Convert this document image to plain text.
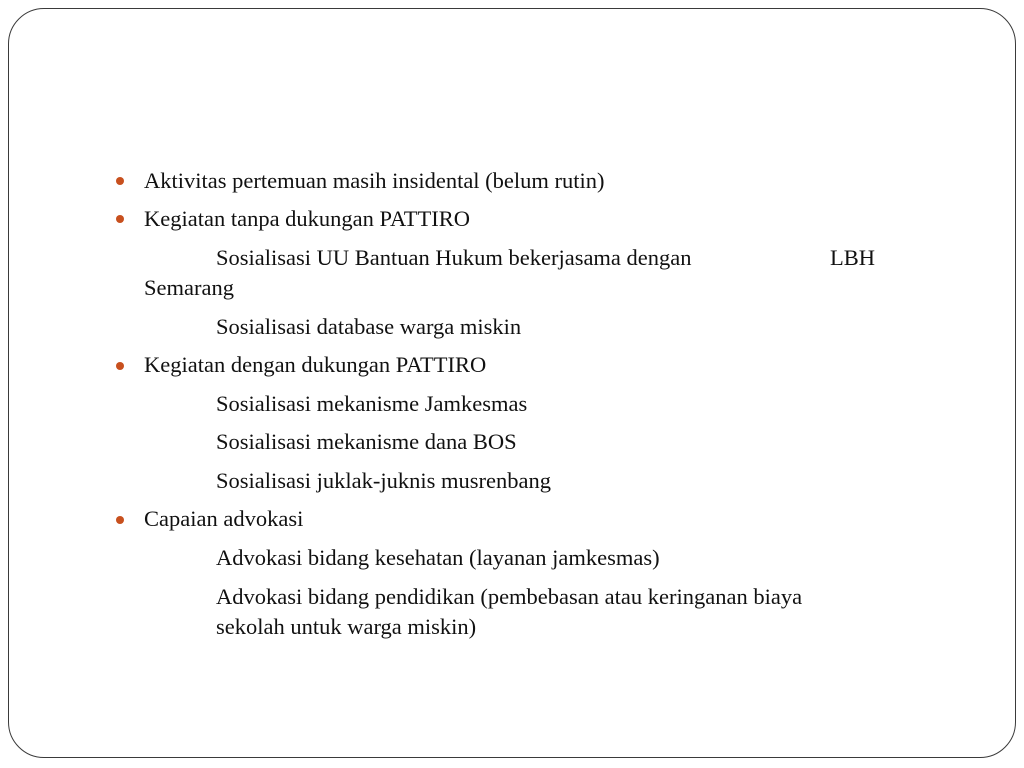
Aktivitas pertemuan masih insidental (belum rutin)
Kegiatan tanpa dukungan PATTIRO
Sosialisasi UU Bantuan Hukum bekerjasama dengan	LBH
Semarang
Sosialisasi database warga miskin
Kegiatan dengan dukungan PATTIRO
Sosialisasi mekanisme Jamkesmas
Sosialisasi mekanisme dana BOS
Sosialisasi juklak-juknis musrenbang
Capaian advokasi
Advokasi bidang kesehatan (layanan jamkesmas)
Advokasi bidang pendidikan (pembebasan atau keringanan biaya
sekolah untuk warga miskin)
